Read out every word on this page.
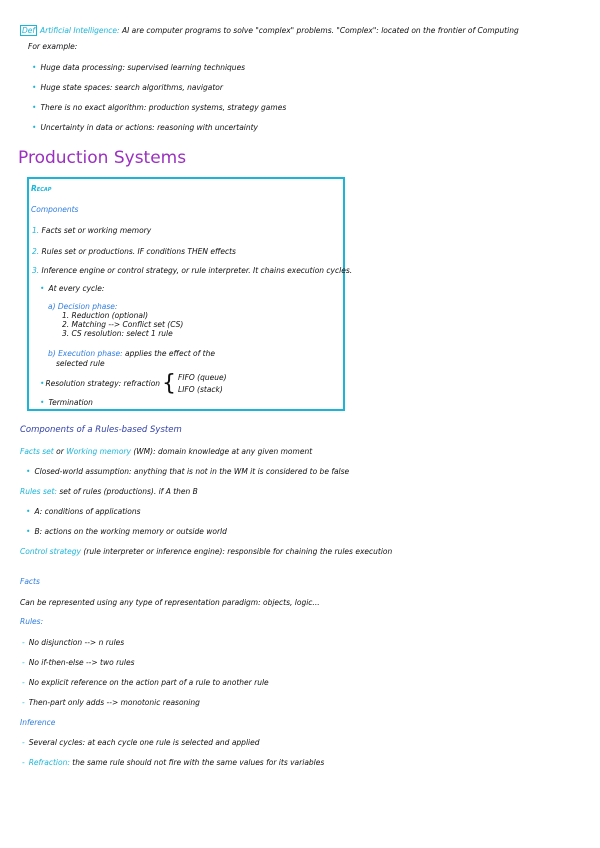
Def Artificial Intelligence: AI are computer programs to solve "complex" problems. "Complex": located on the frontier of Computing
For example:
• Huge data processing: supervised learning techniques
• Huge state spaces: search algorithms, navigator
• There is no exact algorithm: production systems, strategy games
• Uncertainty in data or actions: reasoning with uncertainty
Production Systems
Recap
Components
1. Facts set or working memory
2. Rules set or productions. IF conditions THEN effects
3. Inference engine or control strategy, or rule interpreter. It chains execution cycles.
• At every cycle:
a) Decision phase:
1. Reduction (optional)
2. Matching --> Conflict set (CS)
3. CS resolution: select 1 rule
b) Execution phase: applies the effect of the
selected rule
•Resolution strategy: refraction{ FIFO (queue)
LIFO (stack)
• Termination
Components of a Rules-based System
Facts set or Working memory (WM): domain knowledge at any given moment
• Closed-world assumption: anything that is not in the WM it is considered to be false
Rules set: set of rules (productions). if A then B
• A: conditions of applications
• B: actions on the working memory or outside world
Control strategy (rule interpreter or inference engine): responsible for chaining the rules execution
Facts
Can be represented using any type of representation paradigm: objects, logic...
Rules:
- No disjunction --> n rules
- No if-then-else --> two rules
- No explicit reference on the action part of a rule to another rule
- Then-part only adds --> monotonic reasoning
Inference
- Several cycles: at each cycle one rule is selected and applied
- Refraction: the same rule should not fire with the same values for its variables
